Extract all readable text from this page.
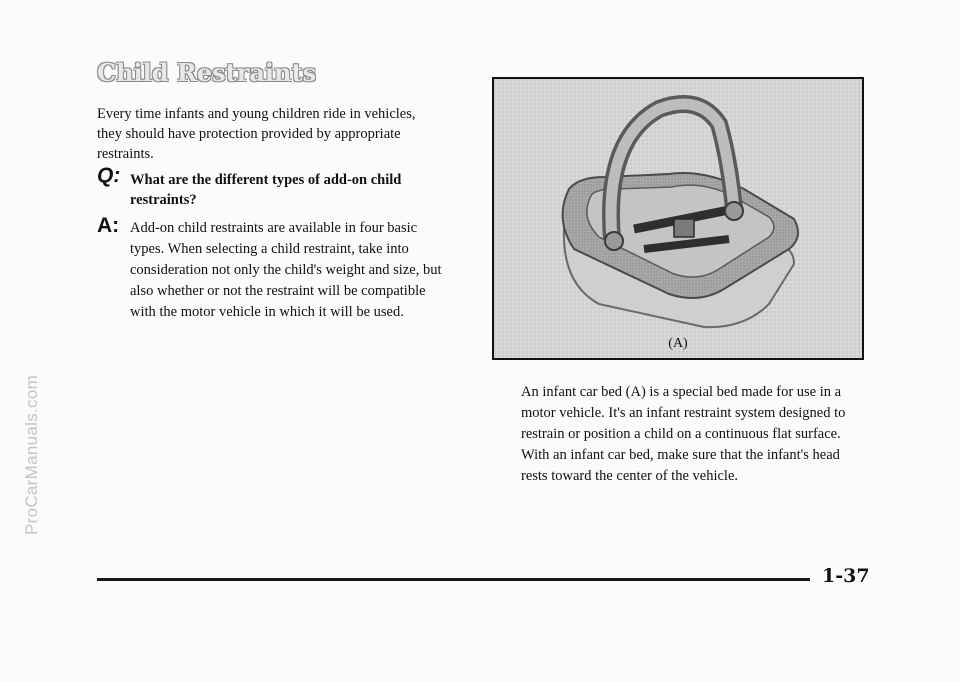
ProCarManuals.com
Child Restraints

Every time infants and young children ride in vehicles, they should have protection provided by appropriate restraints.

Q: What are the different types of add-on child restraints?

A: Add-on child restraints are available in four basic types. When selecting a child restraint, take into consideration not only the child's weight and size, but also whether or not the restraint will be compatible with the motor vehicle in which it will be used.

(A)

An infant car bed (A) is a special bed made for use in a motor vehicle. It's an infant restraint system designed to restrain or position a child on a continuous flat surface. With an infant car bed, make sure that the infant's head rests toward the center of the vehicle.

1-37
